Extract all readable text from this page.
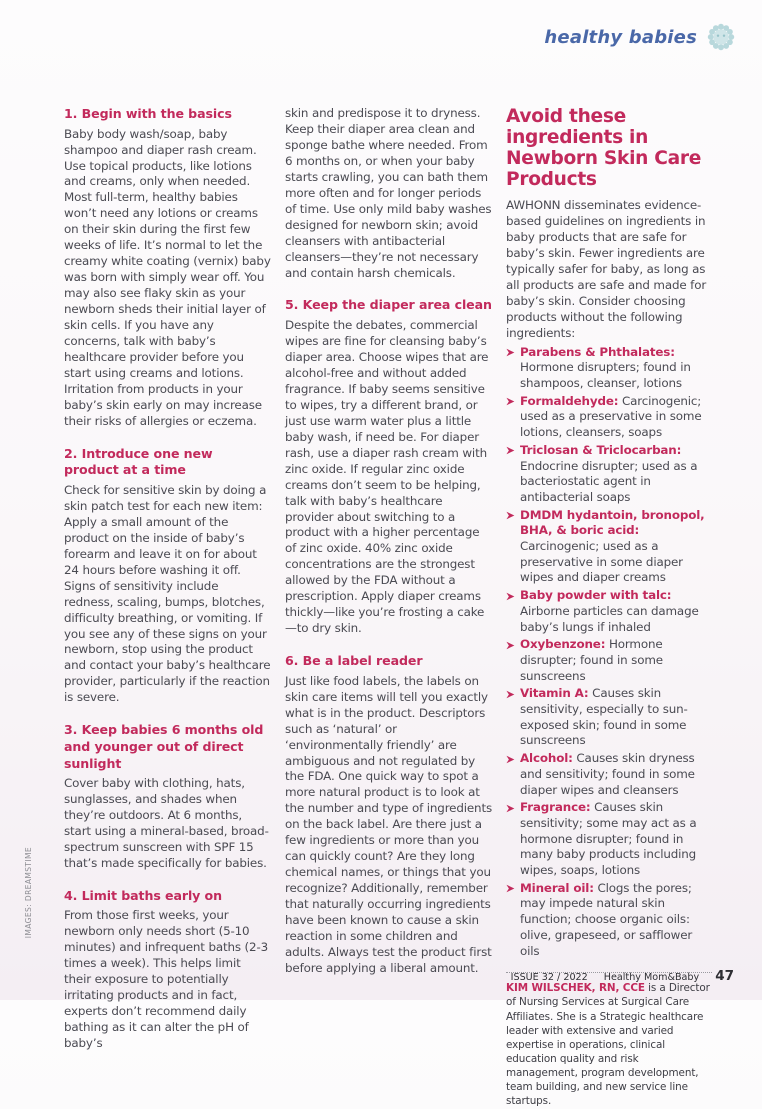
healthy babies
1. Begin with the basics

Baby body wash/soap, baby shampoo and diaper rash cream. Use topical products, like lotions and creams, only when needed. Most full-term, healthy babies won’t need any lotions or creams on their skin during the first few weeks of life. It’s normal to let the creamy white coating (vernix) baby was born with simply wear off. You may also see flaky skin as your newborn sheds their initial layer of skin cells. If you have any concerns, talk with baby’s healthcare provider before you start using creams and lotions. Irritation from products in your baby’s skin early on may increase their risks of allergies or eczema.

2. Introduce one new product at a time

Check for sensitive skin by doing a skin patch test for each new item: Apply a small amount of the product on the inside of baby’s forearm and leave it on for about 24 hours before washing it off. Signs of sensitivity include redness, scaling, bumps, blotches, difficulty breathing, or vomiting. If you see any of these signs on your newborn, stop using the product and contact your baby’s healthcare provider, particularly if the reaction is severe.

3. Keep babies 6 months old and younger out of direct sunlight

Cover baby with clothing, hats, sunglasses, and shades when they’re outdoors. At 6 months, start using a mineral-based, broad-spectrum sunscreen with SPF 15 that’s made specifically for babies.

4. Limit baths early on

From those first weeks, your newborn only needs short (5-10 minutes) and infrequent baths (2-3 times a week). This helps limit their exposure to potentially irritating products and in fact, experts don’t recommend daily bathing as it can alter the pH of baby’s

skin and predispose it to dryness. Keep their diaper area clean and sponge bathe where needed. From 6 months on, or when your baby starts crawling, you can bath them more often and for longer periods of time. Use only mild baby washes designed for newborn skin; avoid cleansers with antibacterial cleansers—they’re not necessary and contain harsh chemicals.

5. Keep the diaper area clean

Despite the debates, commercial wipes are fine for cleansing baby’s diaper area. Choose wipes that are alcohol-free and without added fragrance. If baby seems sensitive to wipes, try a different brand, or just use warm water plus a little baby wash, if need be. For diaper rash, use a diaper rash cream with zinc oxide. If regular zinc oxide creams don’t seem to be helping, talk with baby’s healthcare provider about switching to a product with a higher percentage of zinc oxide. 40% zinc oxide concentrations are the strongest allowed by the FDA without a prescription. Apply diaper creams thickly—like you’re frosting a cake—to dry skin.

6. Be a label reader

Just like food labels, the labels on skin care items will tell you exactly what is in the product. Descriptors such as ‘natural’ or ‘environmentally friendly’ are ambiguous and not regulated by the FDA. One quick way to spot a more natural product is to look at the number and type of ingredients on the back label. Are there just a few ingredients or more than you can quickly count? Are they long chemical names, or things that you recognize? Additionally, remember that naturally occurring ingredients have been known to cause a skin reaction in some children and adults. Always test the product first before applying a liberal amount.

Avoid these ingredients in Newborn Skin Care Products

AWHONN disseminates evidence-based guidelines on ingredients in baby products that are safe for baby’s skin. Fewer ingredients are typically safer for baby, as long as all products are safe and made for baby’s skin. Consider choosing products without the following ingredients:

Parabens & Phthalates: Hormone disrupters; found in shampoos, cleanser, lotions
Formaldehyde: Carcinogenic; used as a preservative in some lotions, cleansers, soaps
Triclosan & Triclocarban: Endocrine disrupter; used as a bacteriostatic agent in antibacterial soaps
DMDM hydantoin, bronopol, BHA, & boric acid: Carcinogenic; used as a preservative in some diaper wipes and diaper creams
Baby powder with talc: Airborne particles can damage baby’s lungs if inhaled
Oxybenzone: Hormone disrupter; found in some sunscreens
Vitamin A: Causes skin sensitivity, especially to sun-exposed skin; found in some sunscreens
Alcohol: Causes skin dryness and sensitivity; found in some diaper wipes and cleansers
Fragrance: Causes skin sensitivity; some may act as a hormone disrupter; found in many baby products including wipes, soaps, lotions
Mineral oil: Clogs the pores; may impede natural skin function; choose organic oils: olive, grapeseed, or safflower oils
KIM WILSCHEK, RN, CCE is a Director of Nursing Services at Surgical Care Affiliates. She is a Strategic healthcare leader with extensive and varied expertise in operations, clinical education quality and risk management, program development, team building, and new service line startups.
IMAGES: DREAMSTIME
ISSUE 32 / 2022 Healthy Mom&Baby 47
